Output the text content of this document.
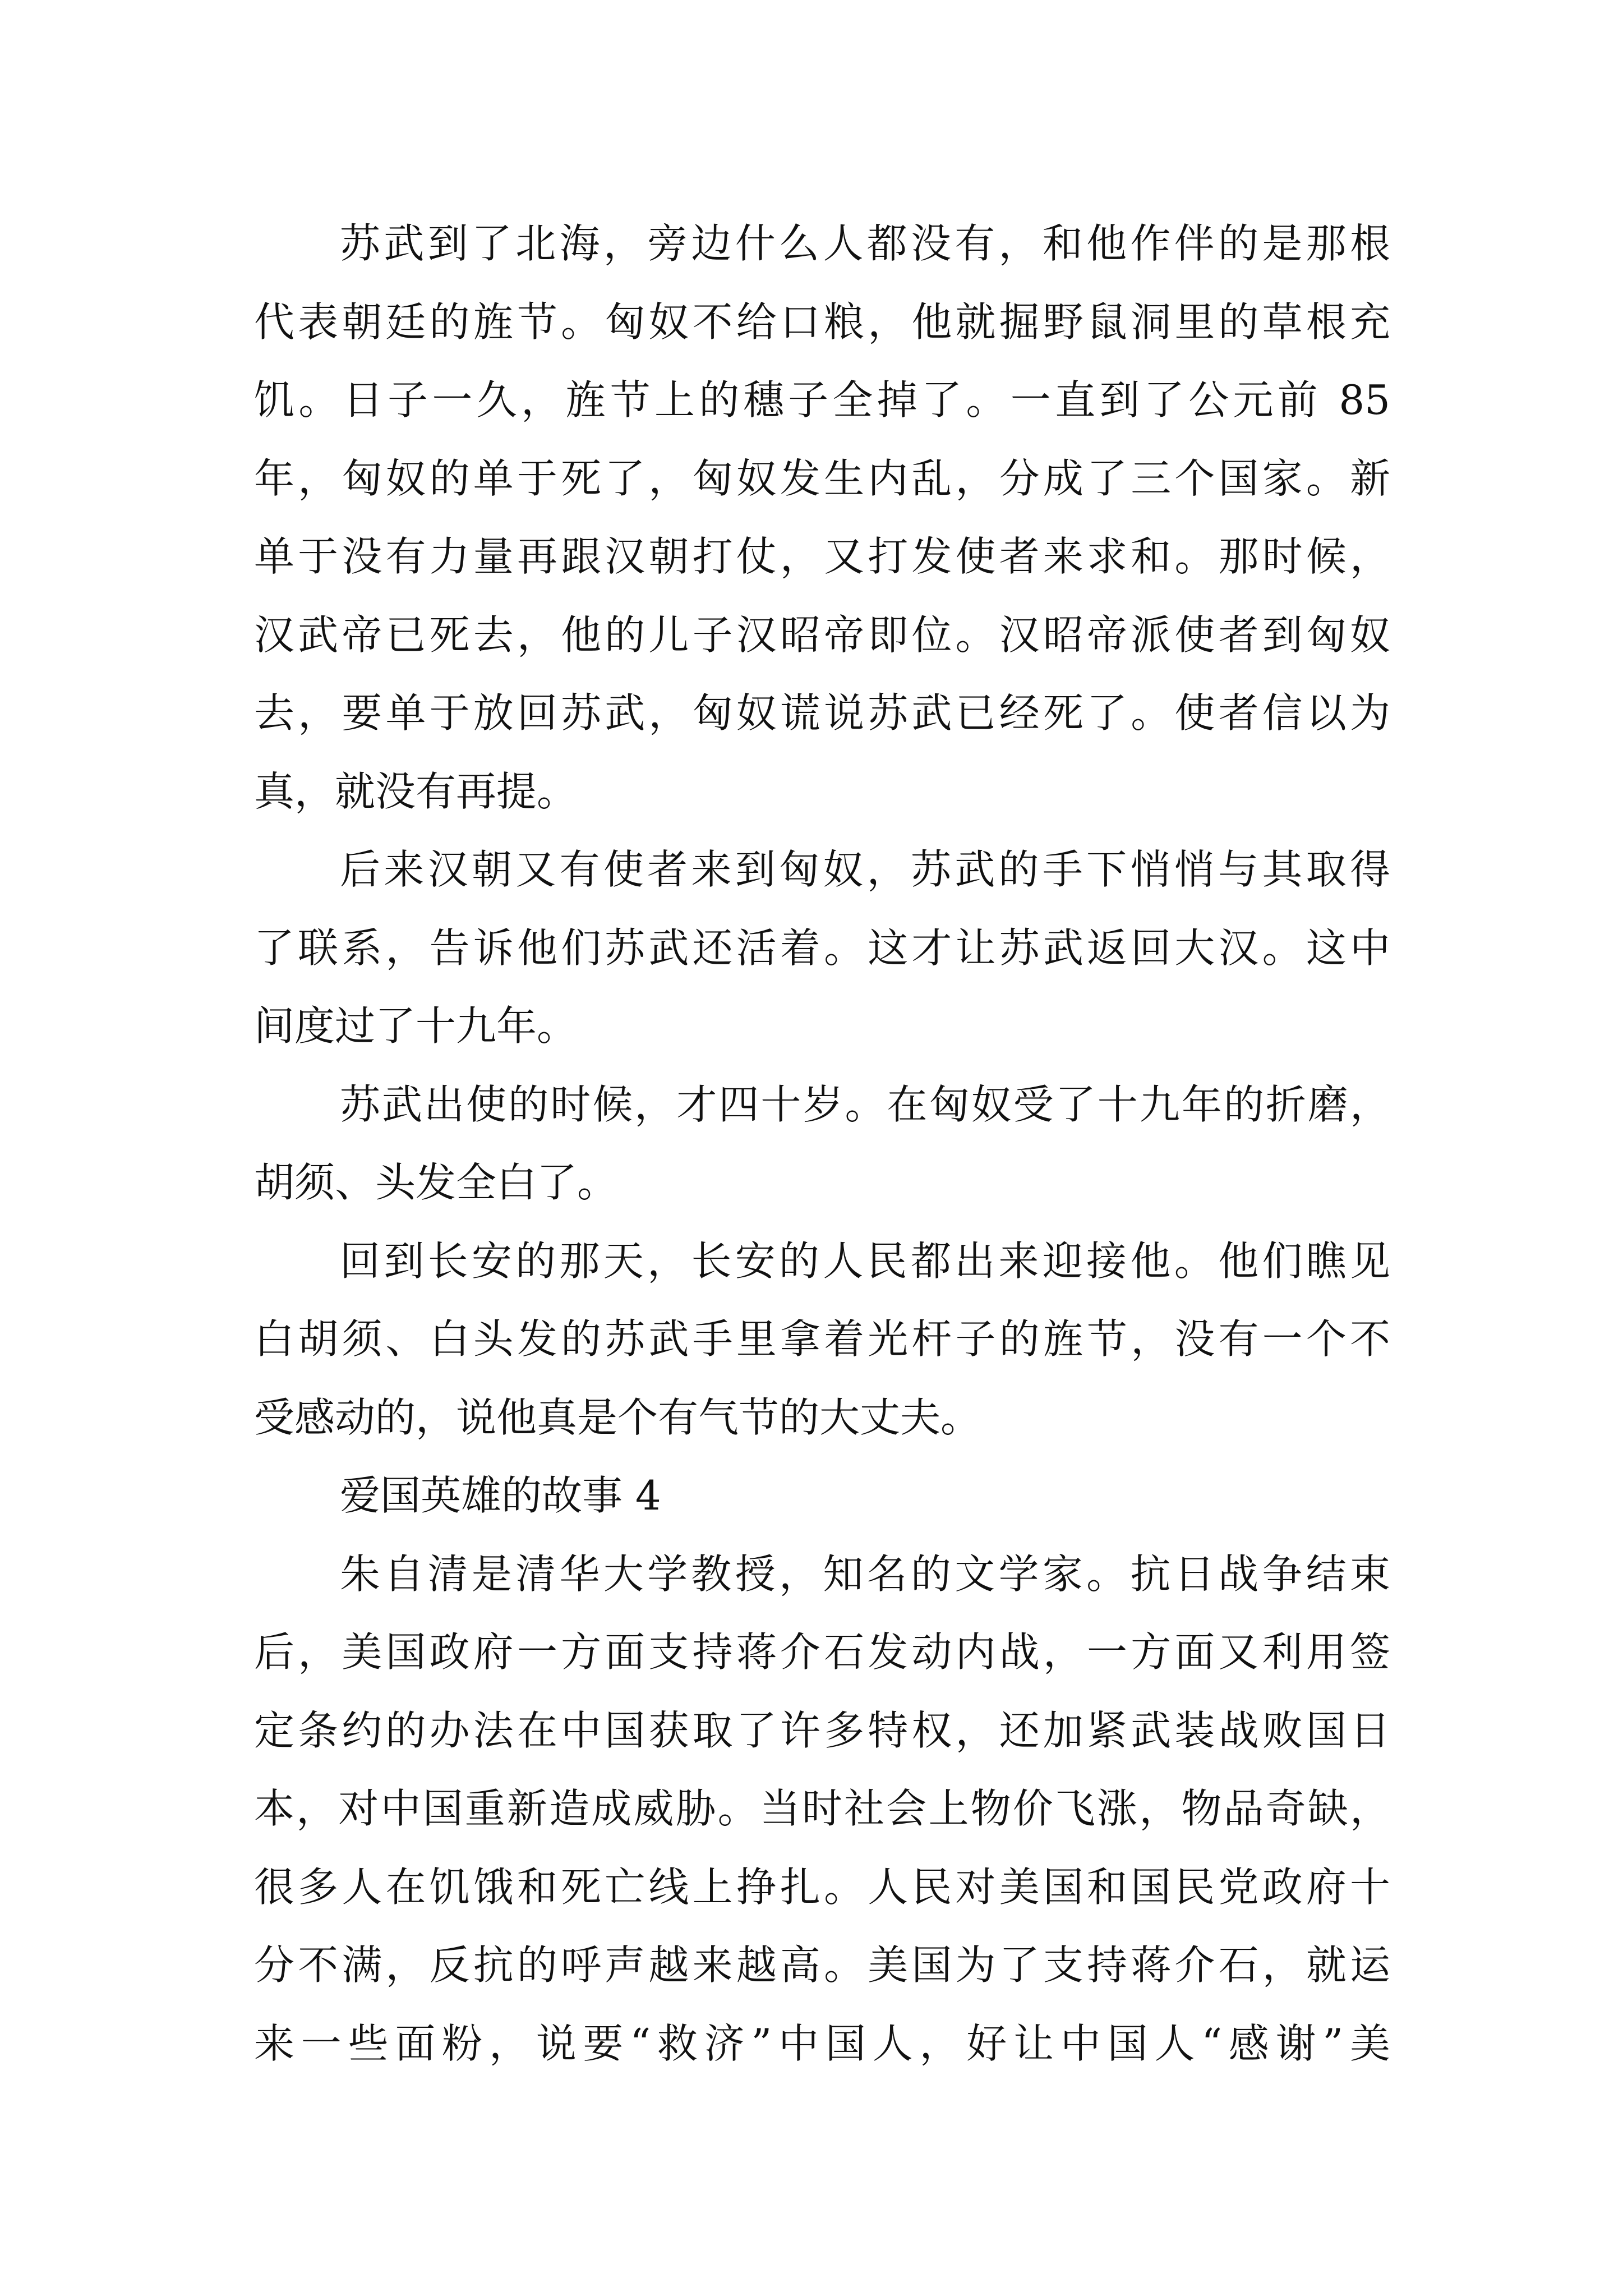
苏武到了北海，旁边什么人都没有，和他作伴的是那根
代表朝廷的旌节。匈奴不给口粮，他就掘野鼠洞里的草根充
饥。日子一久，旌节上的穗子全掉了。一直到了公元前 85
年，匈奴的单于死了，匈奴发生内乱，分成了三个国家。新
单于没有力量再跟汉朝打仗，又打发使者来求和。那时候，
汉武帝已死去，他的儿子汉昭帝即位。汉昭帝派使者到匈奴
去，要单于放回苏武，匈奴谎说苏武已经死了。使者信以为
真，就没有再提。
后来汉朝又有使者来到匈奴，苏武的手下悄悄与其取得
了联系，告诉他们苏武还活着。这才让苏武返回大汉。这中
间度过了十九年。
苏武出使的时候，才四十岁。在匈奴受了十九年的折磨，
胡须、头发全白了。
回到长安的那天，长安的人民都出来迎接他。他们瞧见
白胡须、白头发的苏武手里拿着光杆子的旌节，没有一个不
受感动的，说他真是个有气节的大丈夫。
爱国英雄的故事 4
朱自清是清华大学教授，知名的文学家。抗日战争结束
后，美国政府一方面支持蒋介石发动内战，一方面又利用签
定条约的办法在中国获取了许多特权，还加紧武装战败国日
本，对中国重新造成威胁。当时社会上物价飞涨，物品奇缺，
很多人在饥饿和死亡线上挣扎。人民对美国和国民党政府十
分不满，反抗的呼声越来越高。美国为了支持蒋介石，就运
来一些面粉，说要“救济”中国人，好让中国人“感谢”美
